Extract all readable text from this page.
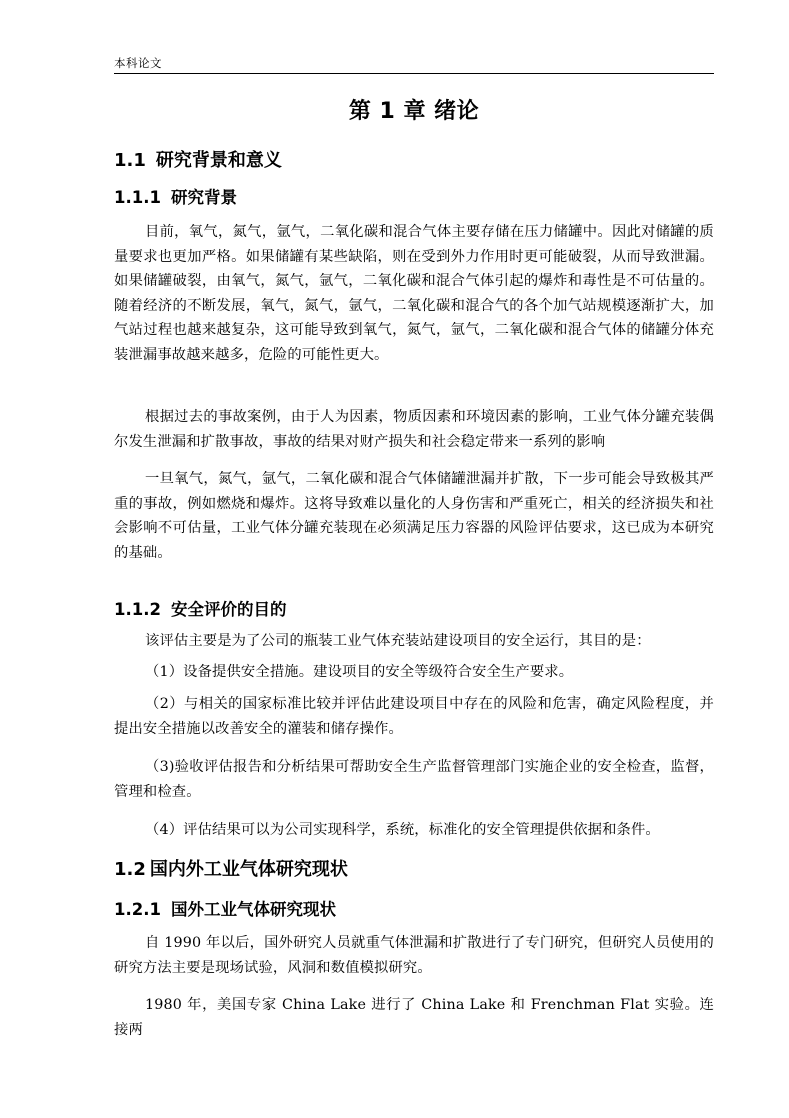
本科论文
第 1 章 绪论
1.1 研究背景和意义
1.1.1 研究背景
目前，氧气，氮气，氩气，二氧化碳和混合气体主要存储在压力储罐中。因此对储罐的质量要求也更加严格。如果储罐有某些缺陷，则在受到外力作用时更可能破裂，从而导致泄漏。如果储罐破裂，由氧气，氮气，氩气，二氧化碳和混合气体引起的爆炸和毒性是不可估量的。随着经济的不断发展，氧气，氮气，氩气，二氧化碳和混合气的各个加气站规模逐渐扩大，加气站过程也越来越复杂，这可能导致到氧气，氮气，氩气，二氧化碳和混合气体的储罐分体充装泄漏事故越来越多，危险的可能性更大。
根据过去的事故案例，由于人为因素，物质因素和环境因素的影响，工业气体分罐充装偶尔发生泄漏和扩散事故，事故的结果对财产损失和社会稳定带来一系列的影响
一旦氧气，氮气，氩气，二氧化碳和混合气体储罐泄漏并扩散，下一步可能会导致极其严重的事故，例如燃烧和爆炸。这将导致难以量化的人身伤害和严重死亡，相关的经济损失和社会影响不可估量，工业气体分罐充装现在必须满足压力容器的风险评估要求，这已成为本研究的基础。
1.1.2 安全评价的目的
该评估主要是为了公司的瓶装工业气体充装站建设项目的安全运行，其目的是：
（1）设备提供安全措施。建设项目的安全等级符合安全生产要求。
（2）与相关的国家标准比较并评估此建设项目中存在的风险和危害，确定风险程度，并提出安全措施以改善安全的灌装和储存操作。
（3)验收评估报告和分析结果可帮助安全生产监督管理部门实施企业的安全检查，监督，管理和检查。
（4）评估结果可以为公司实现科学，系统，标准化的安全管理提供依据和条件。
1.2 国内外工业气体研究现状
1.2.1 国外工业气体研究现状
自 1990 年以后，国外研究人员就重气体泄漏和扩散进行了专门研究，但研究人员使用的研究方法主要是现场试验，风洞和数值模拟研究。
1980 年，美国专家 China Lake 进行了 China Lake 和 Frenchman Flat 实验。连接两
